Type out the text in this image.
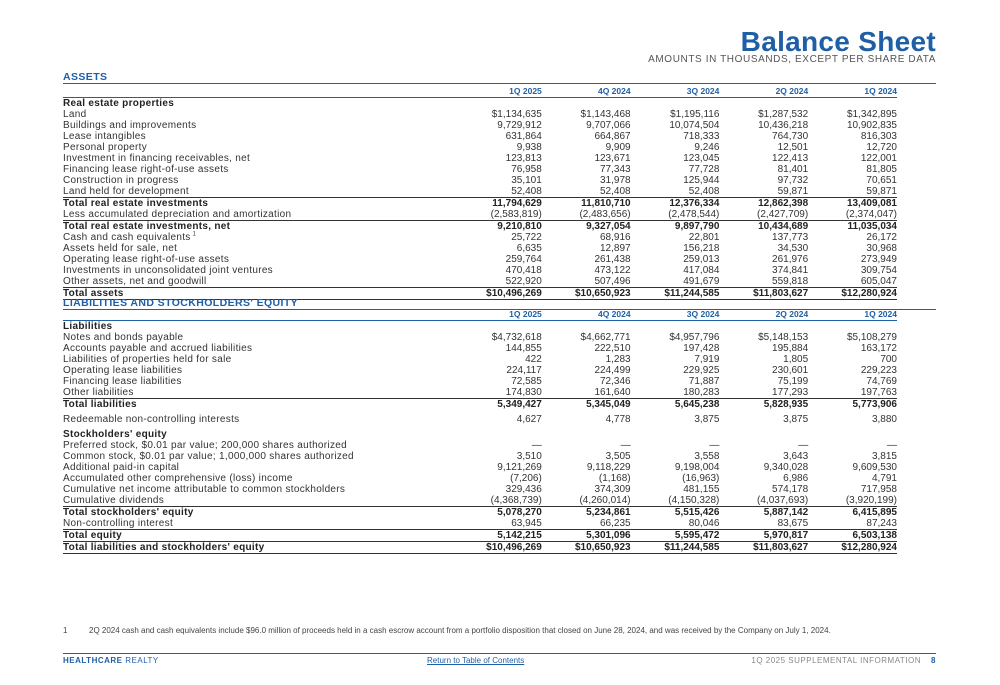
Balance Sheet
AMOUNTS IN THOUSANDS, EXCEPT PER SHARE DATA
ASSETS
	1Q 2025	4Q 2024	3Q 2024	2Q 2024	1Q 2024
Real estate properties					
Land	$1,134,635	$1,143,468	$1,195,116	$1,287,532	$1,342,895
Buildings and improvements	9,729,912	9,707,066	10,074,504	10,436,218	10,902,835
Lease intangibles	631,864	664,867	718,333	764,730	816,303
Personal property	9,938	9,909	9,246	12,501	12,720
Investment in financing receivables, net	123,813	123,671	123,045	122,413	122,001
Financing lease right-of-use assets	76,958	77,343	77,728	81,401	81,805
Construction in progress	35,101	31,978	125,944	97,732	70,651
Land held for development	52,408	52,408	52,408	59,871	59,871
Total real estate investments	11,794,629	11,810,710	12,376,334	12,862,398	13,409,081
Less accumulated depreciation and amortization	(2,583,819)	(2,483,656)	(2,478,544)	(2,427,709)	(2,374,047)
Total real estate investments, net	9,210,810	9,327,054	9,897,790	10,434,689	11,035,034
Cash and cash equivalents $^1$	25,722	68,916	22,801	137,773	26,172
Assets held for sale, net	6,635	12,897	156,218	34,530	30,968
Operating lease right-of-use assets	259,764	261,438	259,013	261,976	273,949
Investments in unconsolidated joint ventures	470,418	473,122	417,084	374,841	309,754
Other assets, net and goodwill	522,920	507,496	491,679	559,818	605,047
Total assets	$10,496,269	$10,650,923	$11,244,585	$11,803,627	$12,280,924
LIABILITIES AND STOCKHOLDERS' EQUITY
	1Q 2025	4Q 2024	3Q 2024	2Q 2024	1Q 2024
Liabilities					
Notes and bonds payable	$4,732,618	$4,662,771	$4,957,796	$5,148,153	$5,108,279
Accounts payable and accrued liabilities	144,855	222,510	197,428	195,884	163,172
Liabilities of properties held for sale	422	1,283	7,919	1,805	700
Operating lease liabilities	224,117	224,499	229,925	230,601	229,223
Financing lease liabilities	72,585	72,346	71,887	75,199	74,769
Other liabilities	174,830	161,640	180,283	177,293	197,763
Total liabilities	5,349,427	5,345,049	5,645,238	5,828,935	5,773,906
Redeemable non-controlling interests	4,627	4,778	3,875	3,875	3,880
Stockholders' equity					
Preferred stock, $0.01 par value; 200,000 shares authorized	—	—	—	—	—
Common stock, $0.01 par value; 1,000,000 shares authorized	3,510	3,505	3,558	3,643	3,815
Additional paid-in capital	9,121,269	9,118,229	9,198,004	9,340,028	9,609,530
Accumulated other comprehensive (loss) income	(7,206)	(1,168)	(16,963)	6,986	4,791
Cumulative net income attributable to common stockholders	329,436	374,309	481,155	574,178	717,958
Cumulative dividends	(4,368,739)	(4,260,014)	(4,150,328)	(4,037,693)	(3,920,199)
Total stockholders' equity	5,078,270	5,234,861	5,515,426	5,887,142	6,415,895
Non-controlling interest	63,945	66,235	80,046	83,675	87,243
Total equity	5,142,215	5,301,096	5,595,472	5,970,817	6,503,138
Total liabilities and stockholders' equity	$10,496,269	$10,650,923	$11,244,585	$11,803,627	$12,280,924
1	2Q 2024 cash and cash equivalents include $96.0 million of proceeds held in a cash escrow account from a portfolio disposition that closed on June 28, 2024, and was received by the Company on July 1, 2024.
HEALTHCARE REALTY	Return to Table of Contents	1Q 2025 SUPPLEMENTAL INFORMATION 8
